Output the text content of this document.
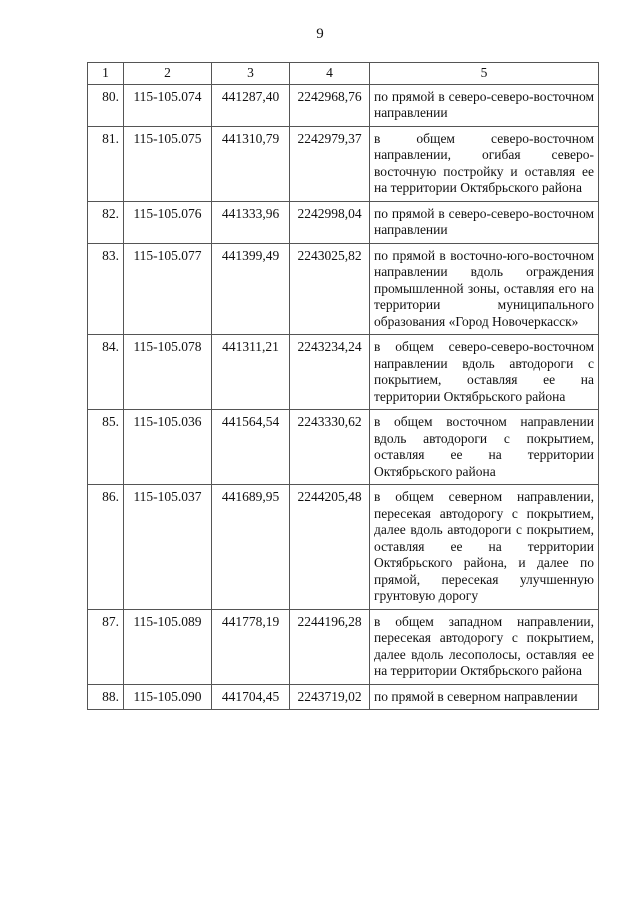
9
1	2	3	4	5
80.	115-105.074	441287,40	2242968,76	по прямой в северо-северо-восточном направлении
81.	115-105.075	441310,79	2242979,37	в общем северо-восточном направлении, огибая северо-восточную постройку и оставляя ее на территории Октябрьского района
82.	115-105.076	441333,96	2242998,04	по прямой в северо-северо-восточном направлении
83.	115-105.077	441399,49	2243025,82	по прямой в восточно-юго-восточном направлении вдоль ограждения промышленной зоны, оставляя его на территории муниципального образования «Город Новочеркасск»
84.	115-105.078	441311,21	2243234,24	в общем северо-северо-восточном направлении вдоль автодороги с покрытием, оставляя ее на территории Октябрьского района
85.	115-105.036	441564,54	2243330,62	в общем восточном направлении вдоль автодороги с покрытием, оставляя ее на территории Октябрьского района
86.	115-105.037	441689,95	2244205,48	в общем северном направлении, пересекая автодорогу с покрытием, далее вдоль автодороги с покрытием, оставляя ее на территории Октябрьского района, и далее по прямой, пересекая улучшенную грунтовую дорогу
87.	115-105.089	441778,19	2244196,28	в общем западном направлении, пересекая автодорогу с покрытием, далее вдоль лесополосы, оставляя ее на территории Октябрьского района
88.	115-105.090	441704,45	2243719,02	по прямой в северном направлении
